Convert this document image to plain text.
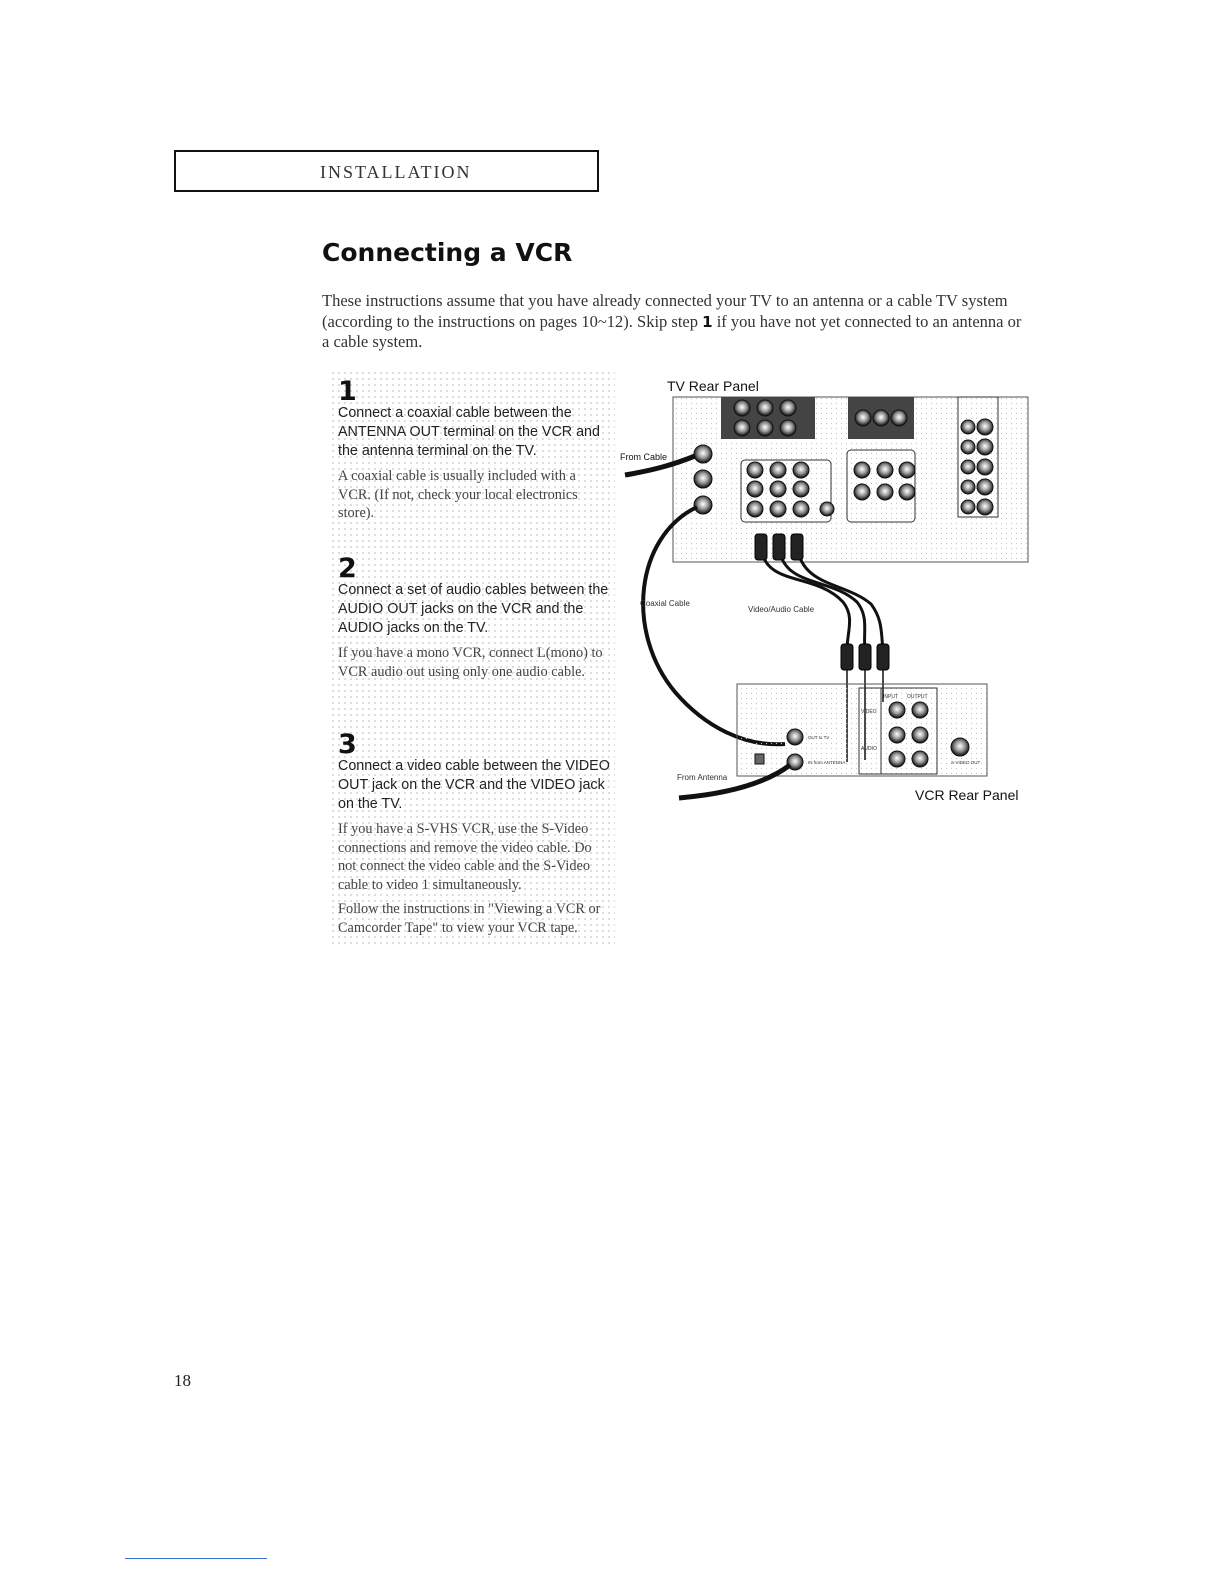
INSTALLATION
Connecting a VCR

These instructions assume that you have already connected your TV to an antenna or a cable TV system (according to the instructions on pages 10~12). Skip step 1 if you have not yet connected to an antenna or a cable system.

1

Connect a coaxial cable between the ANTENNA OUT terminal on the VCR and the antenna terminal on the TV.

A coaxial cable is usually included with a VCR. (If not, check your local electronics store).

2

Connect a set of audio cables between the AUDIO OUT jacks on the VCR and the AUDIO jacks on the TV.

If you have a mono VCR, connect L(mono) to VCR audio out using only one audio cable.

3

Connect a video cable between the VIDEO OUT jack on the VCR and the VIDEO jack on the TV.

If you have a S-VHS VCR, use the S-Video connections and remove the video cable. Do not connect the video cable and the S-Video cable to video 1 simultaneously.

Follow the instructions in "Viewing a VCR or Camcorder Tape" to view your VCR tape.

TV Rear Panel
From Cable
Coaxial Cable
Video/Audio Cable
INPUT OUTPUT
VIDEO
AUDIO
S-VIDEO OUT
OUT to TV
IN from ANTENNA
VCR Rear Panel
From Antenna
18
